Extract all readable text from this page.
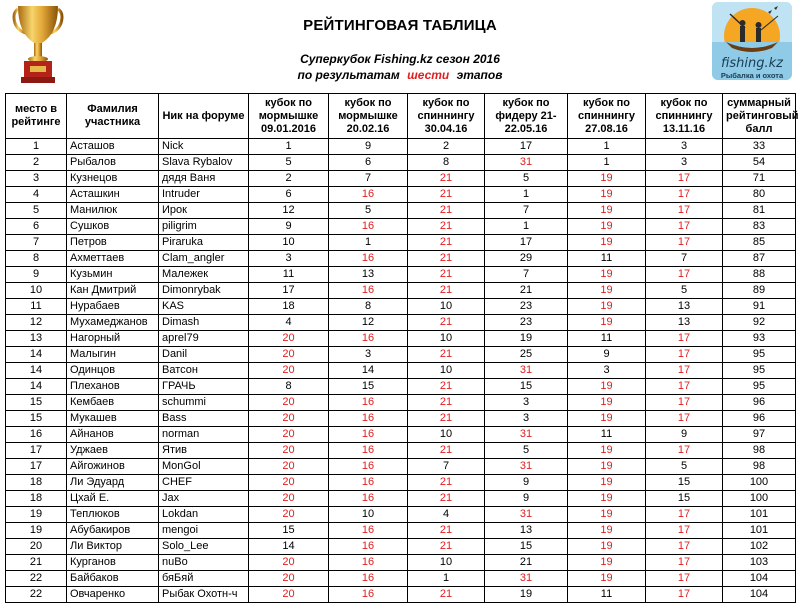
РЕЙТИНГОВАЯ ТАБЛИЦА
Суперкубок Fishing.kz сезон 2016
по результатам шести этапов
fishing.kz
Рыбалка и охота
место в рейтинге	Фамилия участника	Ник на форуме	кубок по мормышке 09.01.2016	кубок по мормышке 20.02.16	кубок по спиннингу 30.04.16	кубок по фидеру 21-22.05.16	кубок по спиннингу 27.08.16	кубок по спиннингу 13.11.16	суммарный рейтинговый балл
1	Асташов	Nick	1	9	2	17	1	3	33
2	Рыбалов	Slava Rybalov	5	6	8	31	1	3	54
3	Кузнецов	дядя Ваня	2	7	21	5	19	17	71
4	Асташкин	Intruder	6	16	21	1	19	17	80
5	Манилюк	Ирок	12	5	21	7	19	17	81
6	Сушков	piligrim	9	16	21	1	19	17	83
7	Петров	Piraruka	10	1	21	17	19	17	85
8	Ахметтаев	Clam_angler	3	16	21	29	11	7	87
9	Кузьмин	Малежек	11	13	21	7	19	17	88
10	Кан Дмитрий	Dimonrybak	17	16	21	21	19	5	89
11	Нурабаев	KAS	18	8	10	23	19	13	91
12	Мухамеджанов	Dimash	4	12	21	23	19	13	92
13	Нагорный	aprel79	20	16	10	19	11	17	93
14	Малыгин	Danil	20	3	21	25	9	17	95
14	Одинцов	Ватсон	20	14	10	31	3	17	95
14	Плеханов	ГРАЧЬ	8	15	21	15	19	17	95
15	Кембаев	schummi	20	16	21	3	19	17	96
15	Мукашев	Bass	20	16	21	3	19	17	96
16	Айнанов	norman	20	16	10	31	11	9	97
17	Уджаев	Ятив	20	16	21	5	19	17	98
17	Айгожинов	MonGol	20	16	7	31	19	5	98
18	Ли Эдуард	CHEF	20	16	21	9	19	15	100
18	Цхай Е.	Jax	20	16	21	9	19	15	100
19	Теплюков	Lokdan	20	10	4	31	19	17	101
19	Абубакиров	mengoi	15	16	21	13	19	17	101
20	Ли Виктор	Solo_Lee	14	16	21	15	19	17	102
21	Курганов	nuBo	20	16	10	21	19	17	103
22	Байбаков	бяБяй	20	16	1	31	19	17	104
22	Овчаренко	Рыбак Охотн-ч	20	16	21	19	11	17	104
